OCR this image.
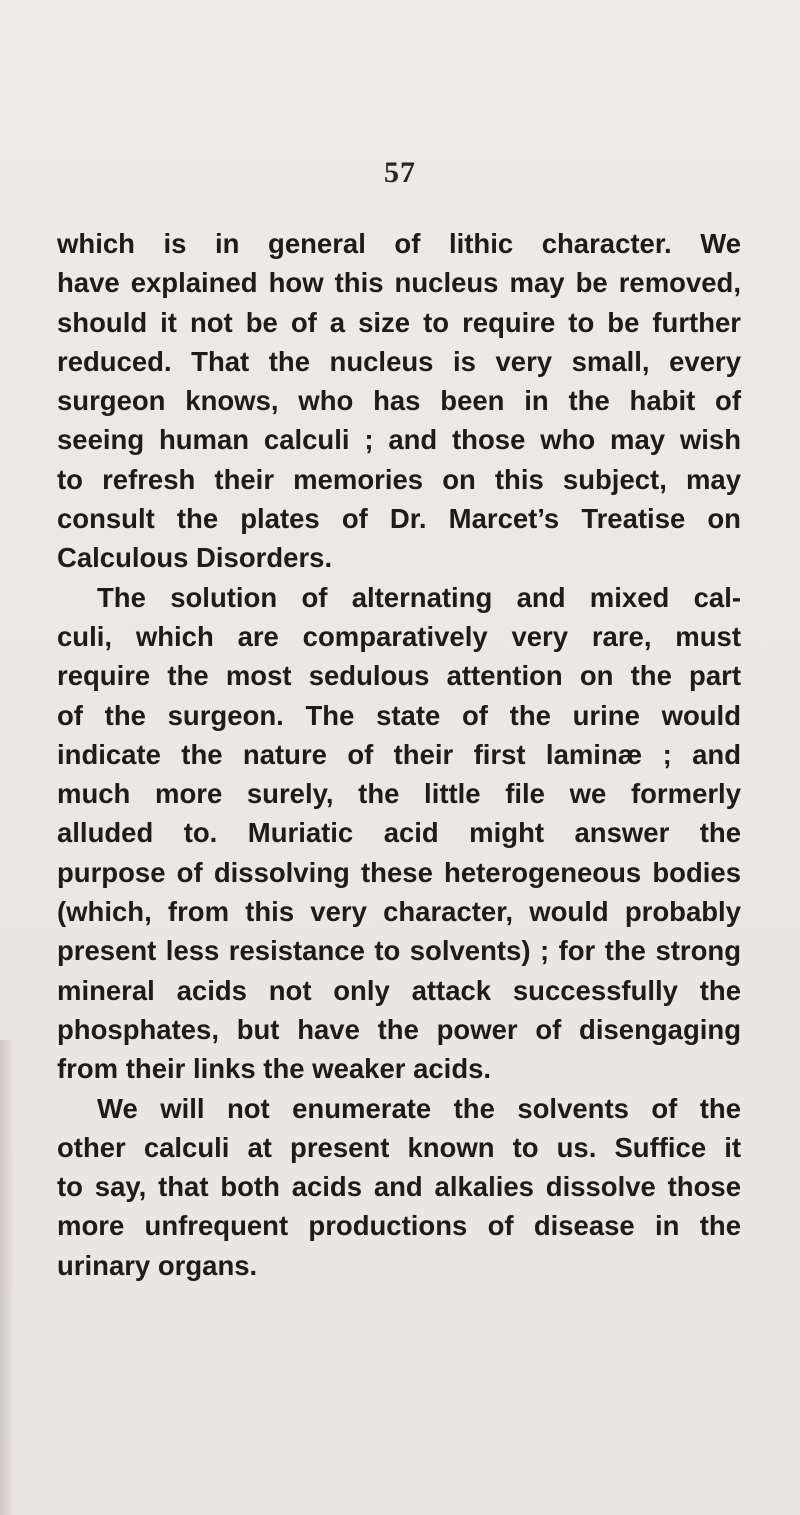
57
which is in general of lithic character. We
have explained how this nucleus may be removed,
should it not be of a size to require to be further
reduced. That the nucleus is very small, every
surgeon knows, who has been in the habit of
seeing human calculi ; and those who may wish
to refresh their memories on this subject, may
consult the plates of Dr. Marcet’s Treatise on
Calculous Disorders.
The solution of alternating and mixed cal-
culi, which are comparatively very rare, must
require the most sedulous attention on the part
of the surgeon. The state of the urine would
indicate the nature of their first laminæ ; and
much more surely, the little file we formerly
alluded to. Muriatic acid might answer the
purpose of dissolving these heterogeneous bodies
(which, from this very character, would probably
present less resistance to solvents) ; for the strong
mineral acids not only attack successfully the
phosphates, but have the power of disengaging
from their links the weaker acids.
We will not enumerate the solvents of the
other calculi at present known to us. Suffice it
to say, that both acids and alkalies dissolve those
more unfrequent productions of disease in the
urinary organs.
